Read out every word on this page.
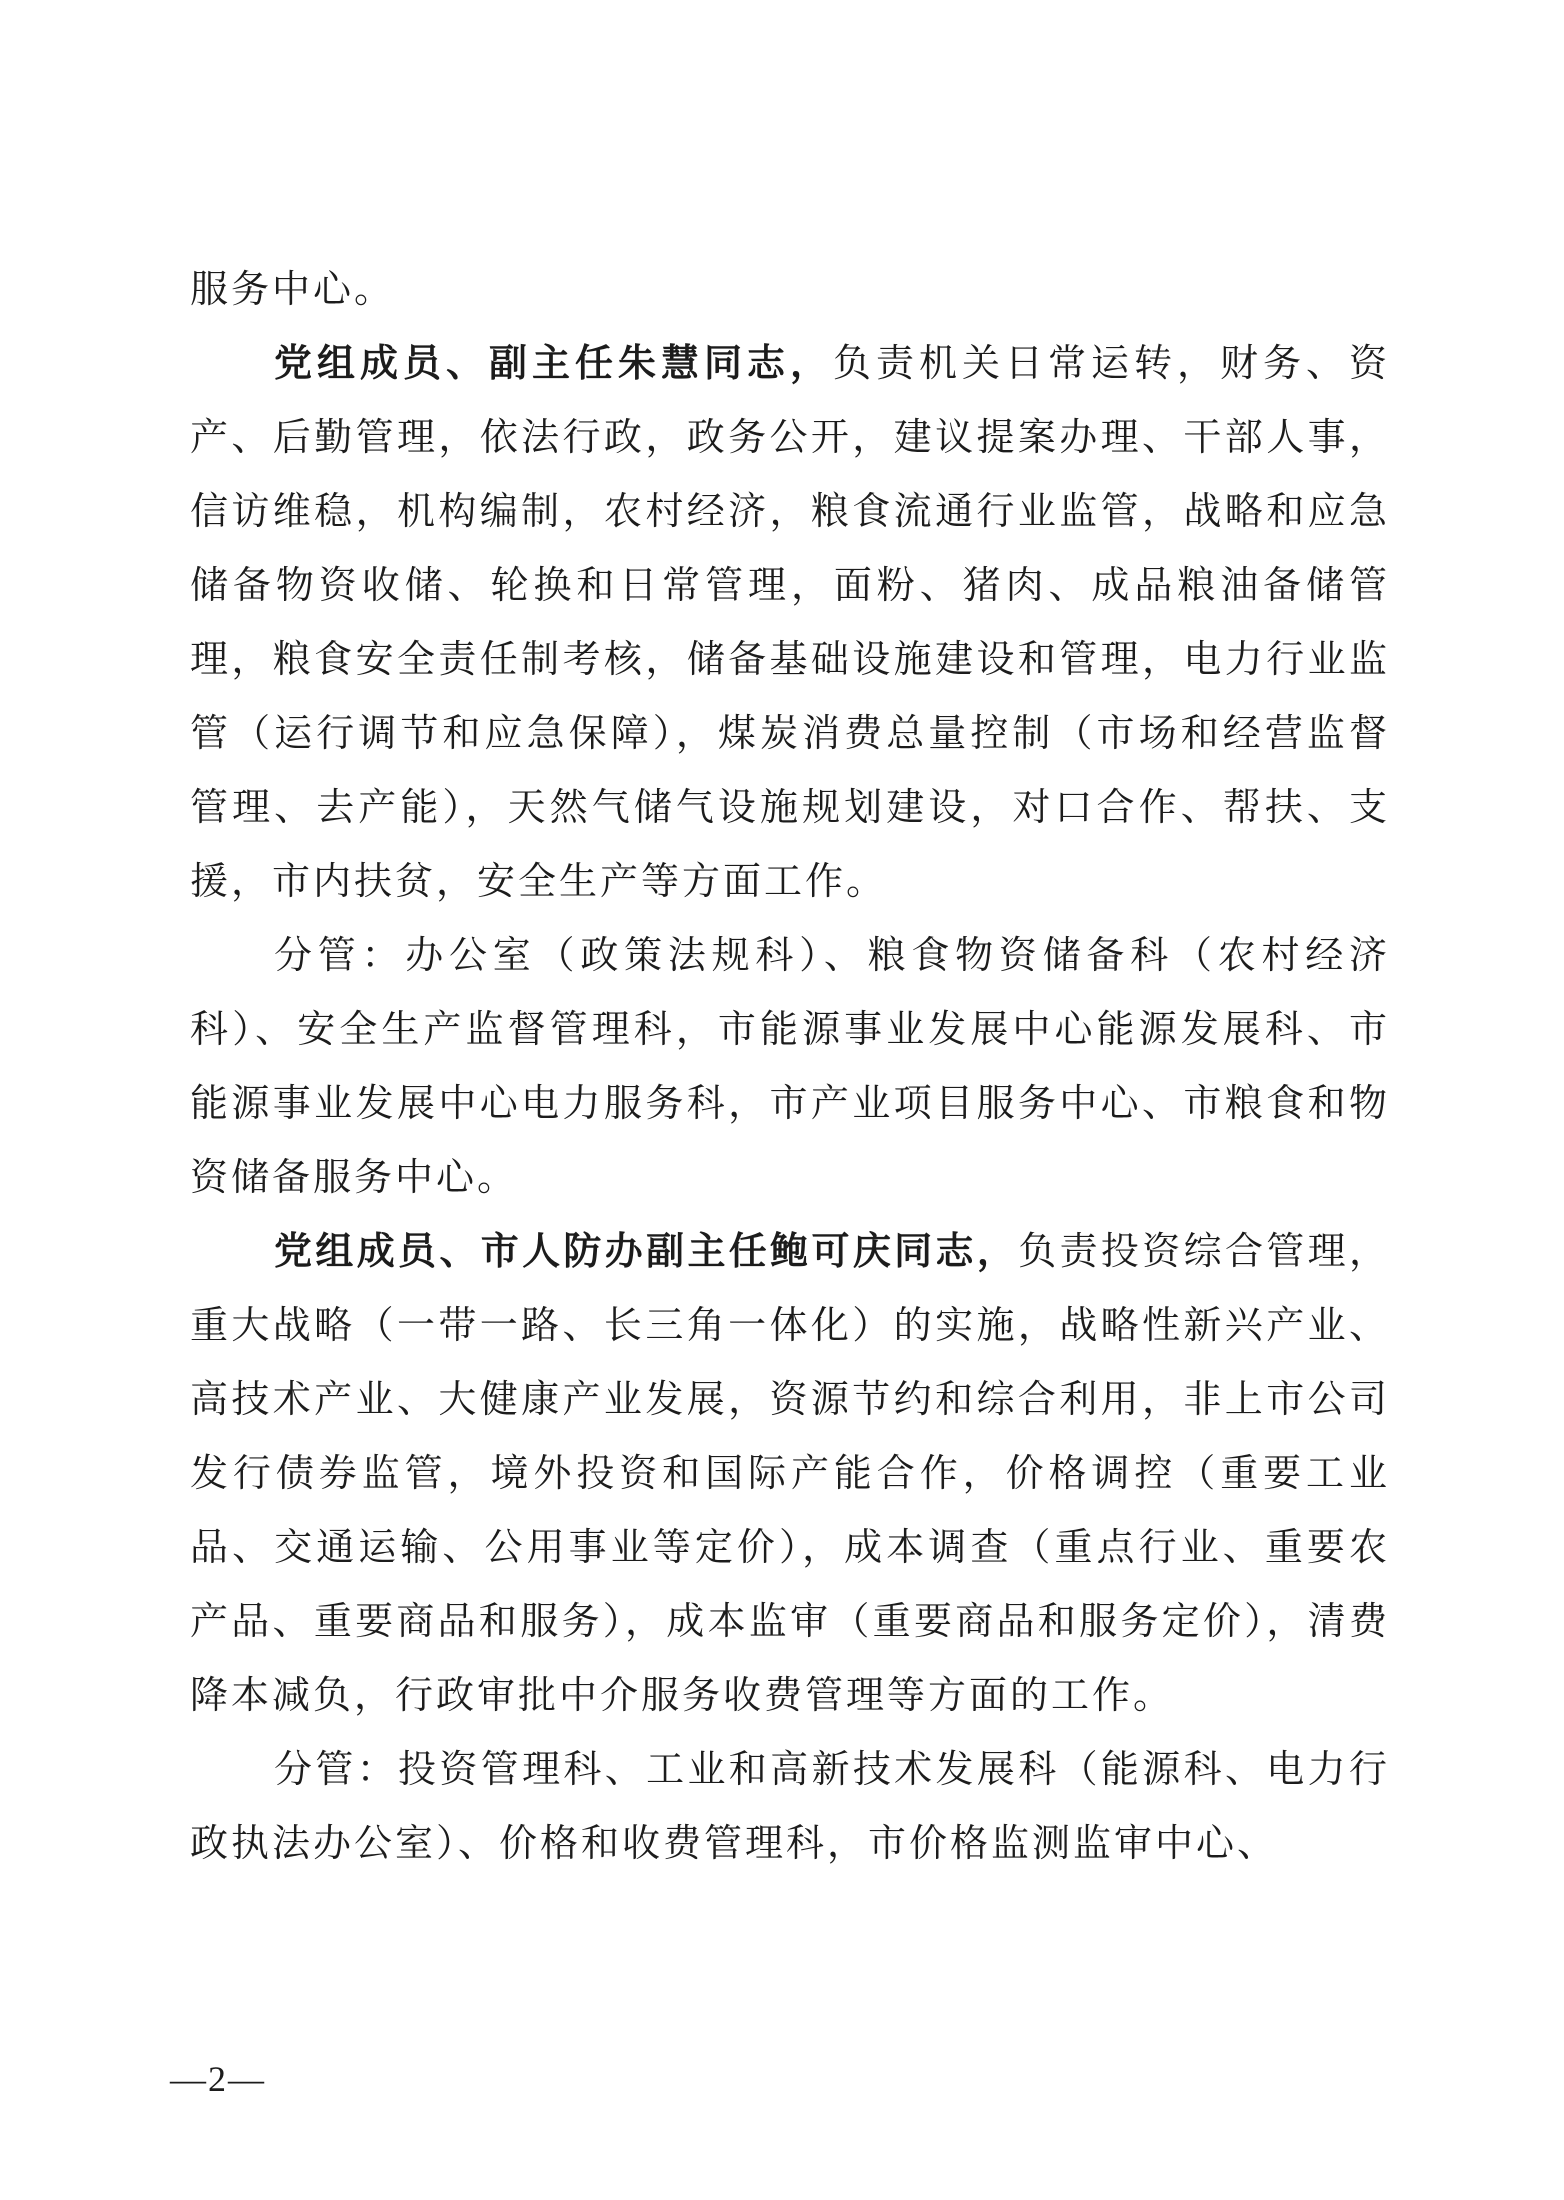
服务中心。

党组成员、副主任朱慧同志，负责机关日常运转，财务、资产、后勤管理，依法行政，政务公开，建议提案办理、干部人事，信访维稳，机构编制，农村经济，粮食流通行业监管，战略和应急储备物资收储、轮换和日常管理，面粉、猪肉、成品粮油备储管理，粮食安全责任制考核，储备基础设施建设和管理，电力行业监管（运行调节和应急保障），煤炭消费总量控制（市场和经营监督管理、去产能），天然气储气设施规划建设，对口合作、帮扶、支援，市内扶贫，安全生产等方面工作。

分管：办公室（政策法规科）、粮食物资储备科（农村经济科）、安全生产监督管理科，市能源事业发展中心能源发展科、市能源事业发展中心电力服务科，市产业项目服务中心、市粮食和物资储备服务中心。

党组成员、市人防办副主任鲍可庆同志，负责投资综合管理，重大战略（一带一路、长三角一体化）的实施，战略性新兴产业、高技术产业、大健康产业发展，资源节约和综合利用，非上市公司发行债券监管，境外投资和国际产能合作，价格调控（重要工业品、交通运输、公用事业等定价），成本调查（重点行业、重要农产品、重要商品和服务），成本监审（重要商品和服务定价），清费降本减负，行政审批中介服务收费管理等方面的工作。

分管：投资管理科、工业和高新技术发展科（能源科、电力行政执法办公室）、价格和收费管理科，市价格监测监审中心、

—2—
